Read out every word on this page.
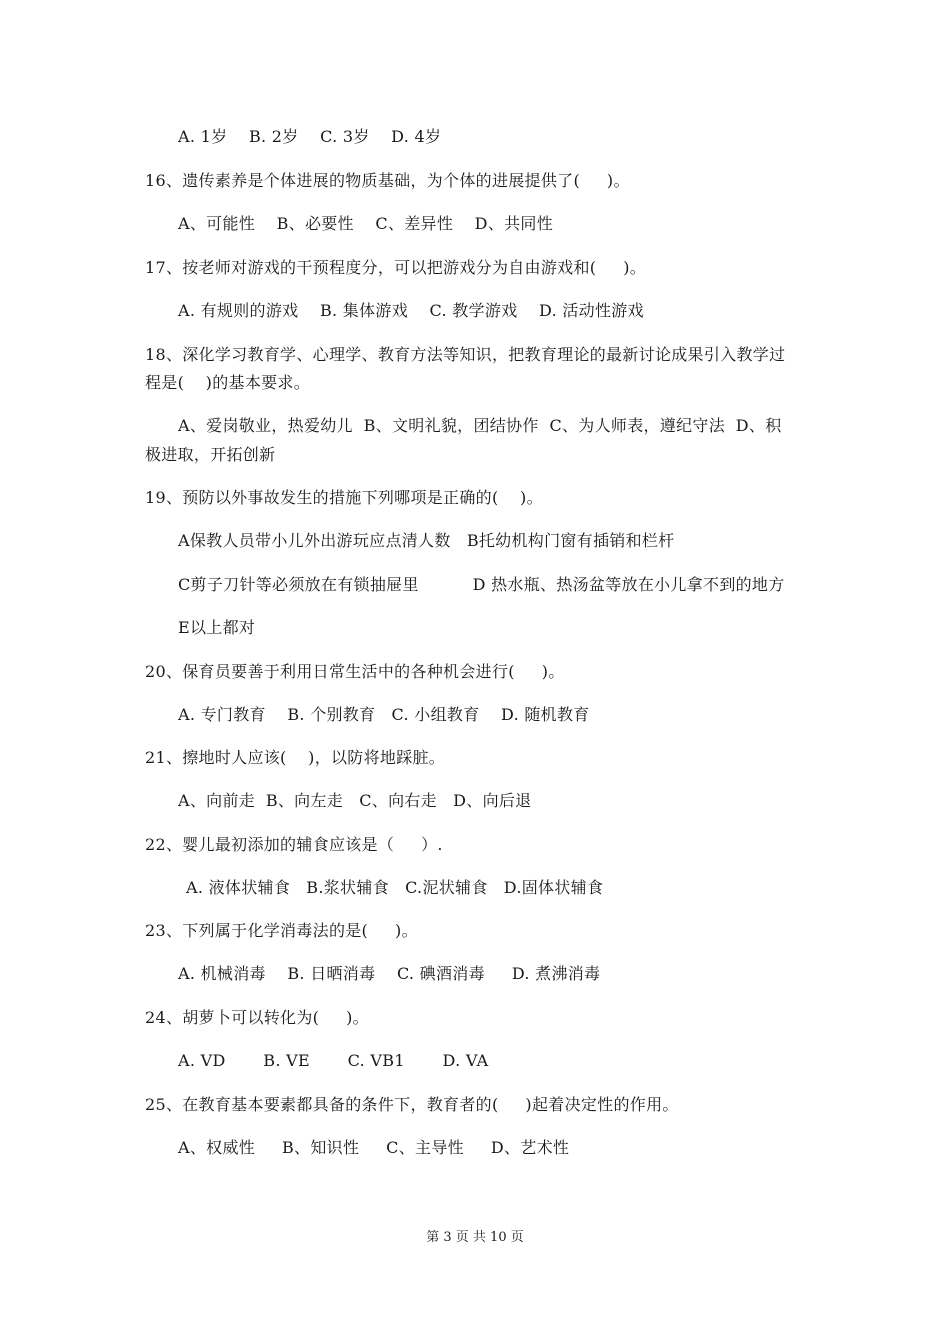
A. 1岁    B. 2岁    C. 3岁    D. 4岁
16、遗传素养是个体进展的物质基础，为个体的进展提供了(     )。
A、可能性    B、必要性    C、差异性    D、共同性
17、按老师对游戏的干预程度分，可以把游戏分为自由游戏和(     )。
A. 有规则的游戏    B. 集体游戏    C. 教学游戏    D. 活动性游戏
18、深化学习教育学、心理学、教育方法等知识，把教育理论的最新讨论成果引入教学过
程是(    )的基本要求。
A、爱岗敬业，热爱幼儿  B、文明礼貌，团结协作  C、为人师表，遵纪守法  D、积
极进取，开拓创新
19、预防以外事故发生的措施下列哪项是正确的(    )。
A保教人员带小儿外出游玩应点清人数   B托幼机构门窗有插销和栏杆
C剪子刀针等必须放在有锁抽屉里          D 热水瓶、热汤盆等放在小儿拿不到的地方
E以上都对
20、保育员要善于利用日常生活中的各种机会进行(     )。
A. 专门教育    B. 个别教育   C. 小组教育    D. 随机教育
21、擦地时人应该(    )，以防将地踩脏。
A、向前走  B、向左走   C、向右走   D、向后退
22、婴儿最初添加的辅食应该是（     ）.
A. 液体状辅食   B.浆状辅食   C.泥状辅食   D.固体状辅食
23、下列属于化学消毒法的是(     )。
A. 机械消毒    B. 日晒消毒    C. 碘酒消毒     D. 煮沸消毒
24、胡萝卜可以转化为(     )。
A. VD       B. VE       C. VB1       D. VA
25、在教育基本要素都具备的条件下，教育者的(     )起着决定性的作用。
A、权威性     B、知识性     C、主导性     D、艺术性
第 3 页 共 10 页
